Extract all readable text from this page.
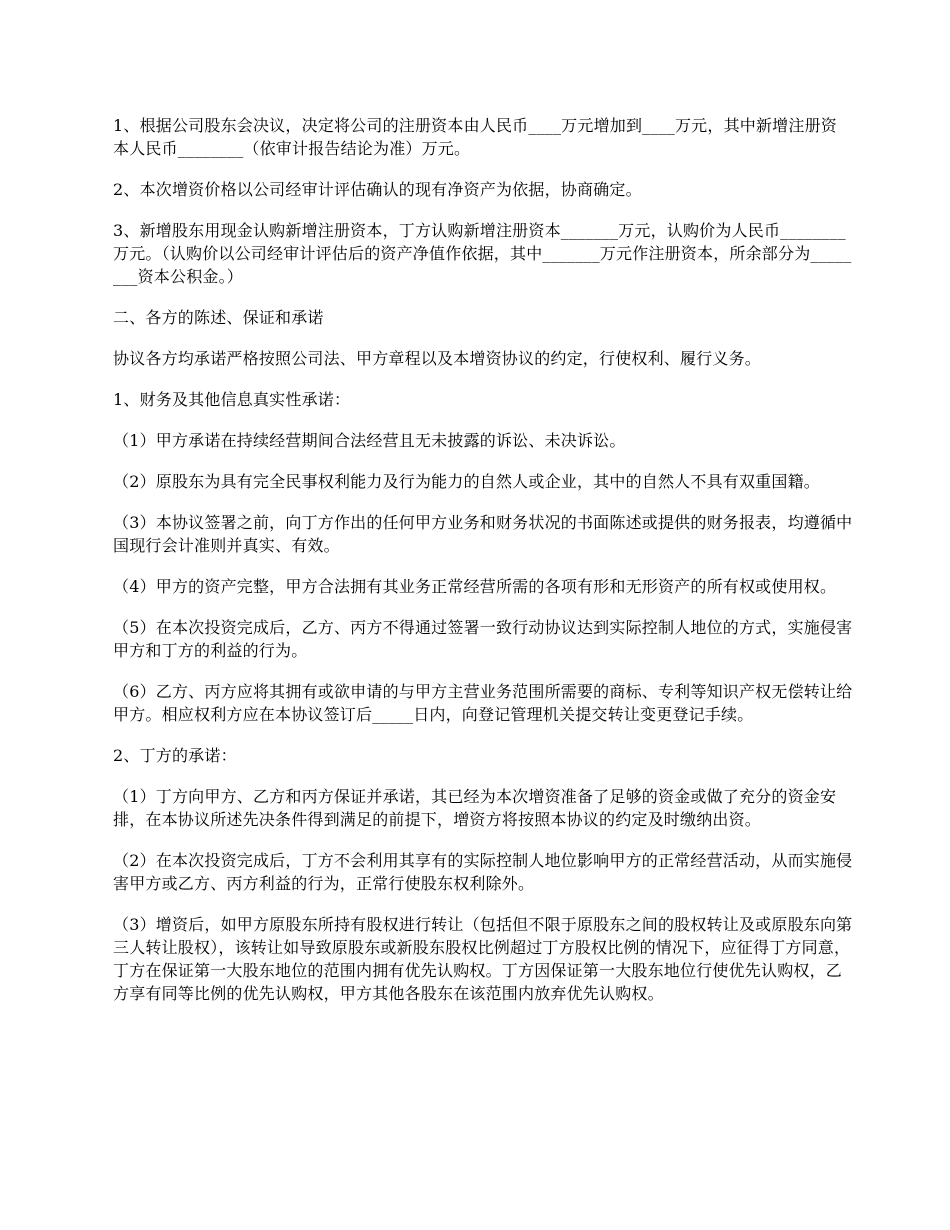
1、根据公司股东会决议，决定将公司的注册资本由人民币____万元增加到____万元，其中新增注册资本人民币________（依审计报告结论为准）万元。

2、本次增资价格以公司经审计评估确认的现有净资产为依据，协商确定。

3、新增股东用现金认购新增注册资本，丁方认购新增注册资本_______万元，认购价为人民币________万元。（认购价以公司经审计评估后的资产净值作依据，其中_______万元作注册资本，所余部分为________资本公积金。）

二、各方的陈述、保证和承诺

协议各方均承诺严格按照公司法、甲方章程以及本增资协议的约定，行使权利、履行义务。

1、财务及其他信息真实性承诺：

（1）甲方承诺在持续经营期间合法经营且无未披露的诉讼、未决诉讼。

（2）原股东为具有完全民事权利能力及行为能力的自然人或企业，其中的自然人不具有双重国籍。

（3）本协议签署之前，向丁方作出的任何甲方业务和财务状况的书面陈述或提供的财务报表，均遵循中国现行会计准则并真实、有效。

（4）甲方的资产完整，甲方合法拥有其业务正常经营所需的各项有形和无形资产的所有权或使用权。

（5）在本次投资完成后，乙方、丙方不得通过签署一致行动协议达到实际控制人地位的方式，实施侵害甲方和丁方的利益的行为。

（6）乙方、丙方应将其拥有或欲申请的与甲方主营业务范围所需要的商标、专利等知识产权无偿转让给甲方。相应权利方应在本协议签订后_____日内，向登记管理机关提交转让变更登记手续。

2、丁方的承诺：

（1）丁方向甲方、乙方和丙方保证并承诺，其已经为本次增资准备了足够的资金或做了充分的资金安排，在本协议所述先决条件得到满足的前提下，增资方将按照本协议的约定及时缴纳出资。

（2）在本次投资完成后，丁方不会利用其享有的实际控制人地位影响甲方的正常经营活动，从而实施侵害甲方或乙方、丙方利益的行为，正常行使股东权利除外。

（3）增资后，如甲方原股东所持有股权进行转让（包括但不限于原股东之间的股权转让及或原股东向第三人转让股权），该转让如导致原股东或新股东股权比例超过丁方股权比例的情况下，应征得丁方同意，丁方在保证第一大股东地位的范围内拥有优先认购权。丁方因保证第一大股东地位行使优先认购权，乙方享有同等比例的优先认购权，甲方其他各股东在该范围内放弃优先认购权。
